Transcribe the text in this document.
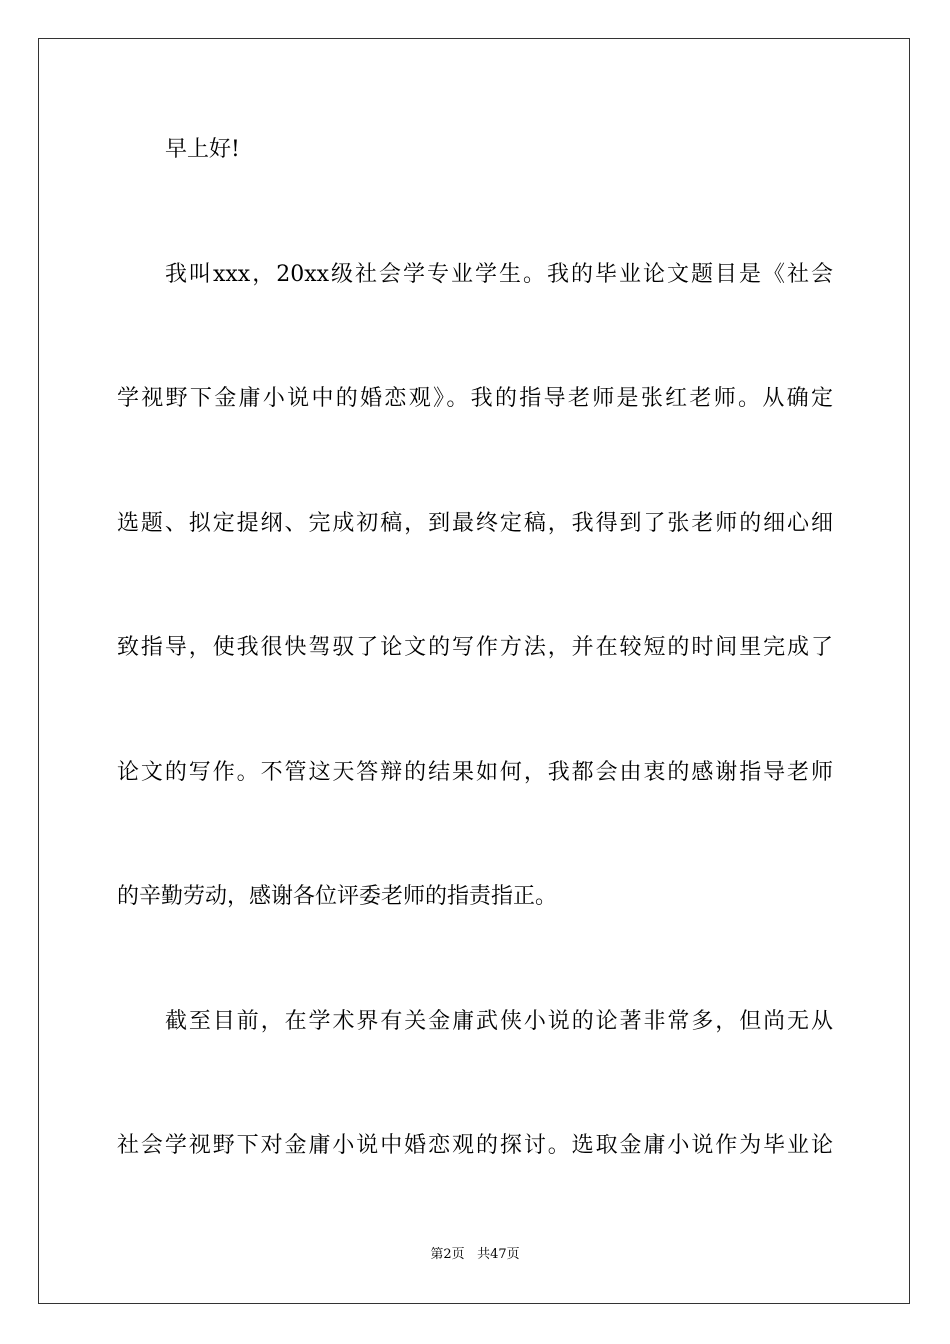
早上好!
我叫xxx，20xx级社会学专业学生。我的毕业论文题目是《社会
学视野下金庸小说中的婚恋观》。我的指导老师是张红老师。从确定
选题、拟定提纲、完成初稿，到最终定稿，我得到了张老师的细心细
致指导，使我很快驾驭了论文的写作方法，并在较短的时间里完成了
论文的写作。不管这天答辩的结果如何，我都会由衷的感谢指导老师
的辛勤劳动，感谢各位评委老师的指责指正。
截至目前，在学术界有关金庸武侠小说的论著非常多，但尚无从
社会学视野下对金庸小说中婚恋观的探讨。选取金庸小说作为毕业论
第2页 共47页
